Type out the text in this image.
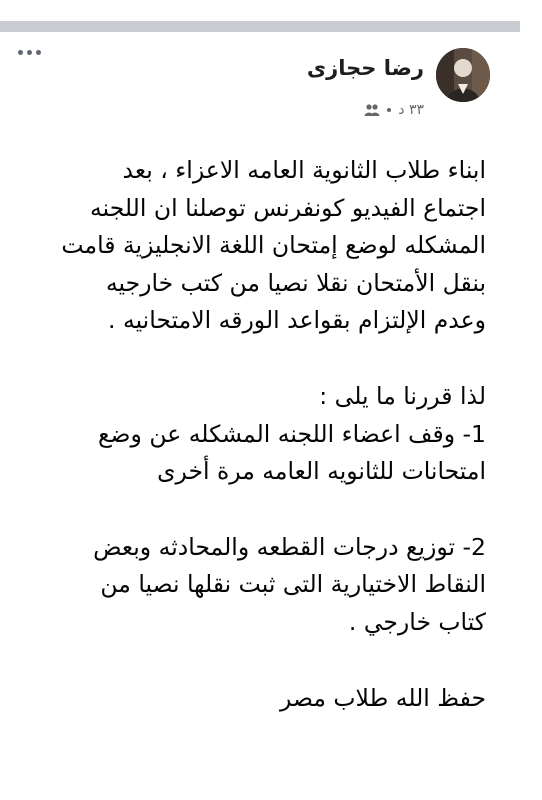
رضا حجازى
٣٣ د

ابناء طلاب الثانوية العامه الاعزاء ، بعد

اجتماع الفيديو كونفرنس توصلنا ان اللجنه

المشكله لوضع إمتحان اللغة الانجليزية قامت

بنقل الأمتحان نقلا نصيا من كتب خارجيه

وعدم الإلتزام بقواعد الورقه الامتحانيه .

لذا قررنا ما يلى :

1- وقف اعضاء اللجنه المشكله عن وضع

امتحانات للثانويه العامه مرة أخرى

2- توزيع درجات القطعه والمحادثه وبعض

النقاط الاختيارية التى ثبت نقلها نصيا من

كتاب خارجي .

حفظ الله طلاب مصر
